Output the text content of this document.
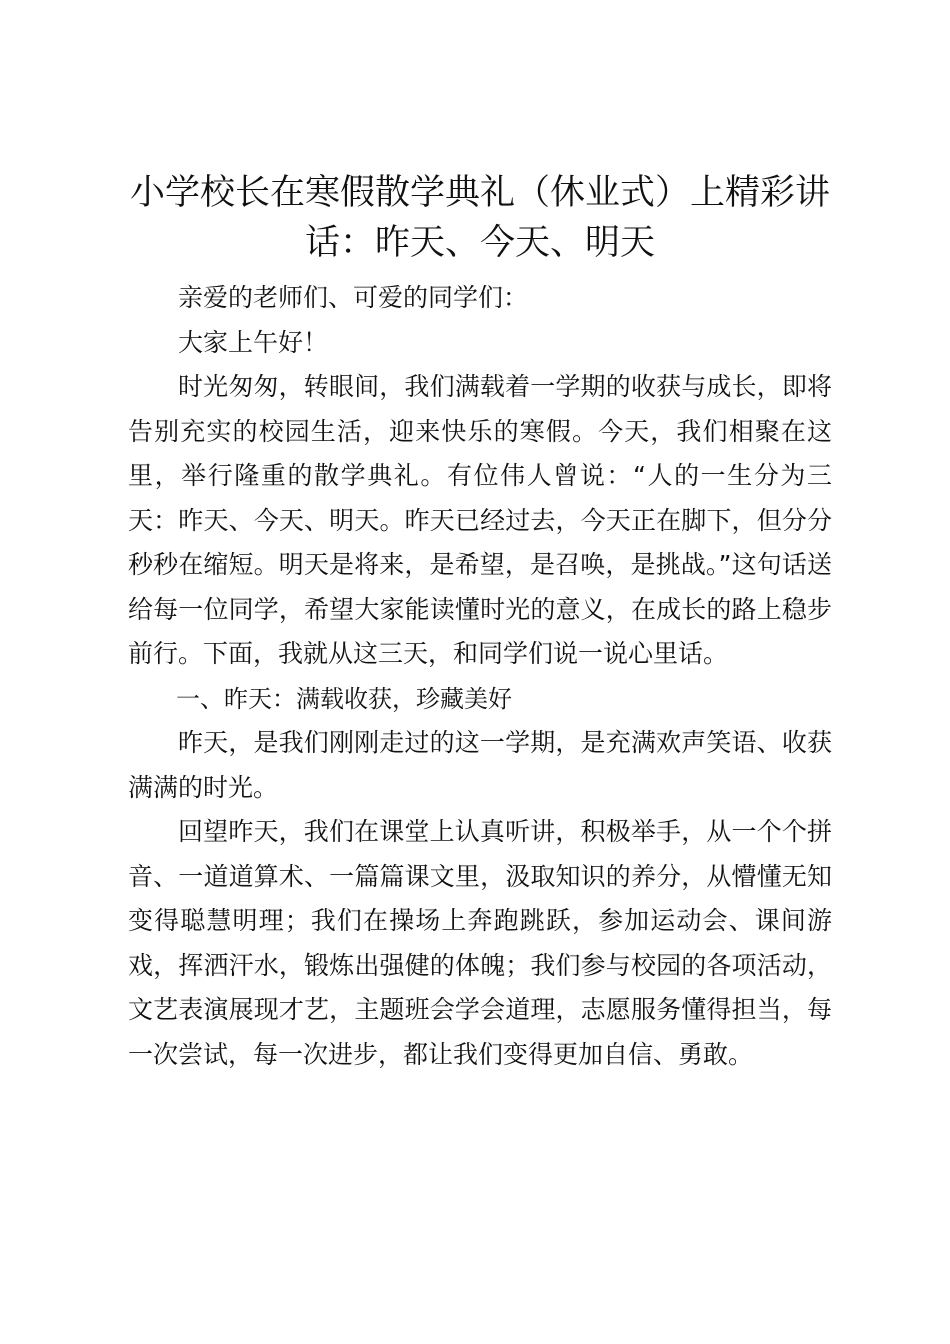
小学校长在寒假散学典礼（休业式）上精彩讲话：昨天、今天、明天

亲爱的老师们、可爱的同学们：

大家上午好！

时光匆匆，转眼间，我们满载着一学期的收获与成长，即将告别充实的校园生活，迎来快乐的寒假。今天，我们相聚在这里，举行隆重的散学典礼。有位伟人曾说：“人的一生分为三天：昨天、今天、明天。昨天已经过去，今天正在脚下，但分分秒秒在缩短。明天是将来，是希望，是召唤，是挑战。”这句话送给每一位同学，希望大家能读懂时光的意义，在成长的路上稳步前行。下面，我就从这三天，和同学们说一说心里话。

一、昨天：满载收获，珍藏美好

昨天，是我们刚刚走过的这一学期，是充满欢声笑语、收获满满的时光。

回望昨天，我们在课堂上认真听讲，积极举手，从一个个拼音、一道道算术、一篇篇课文里，汲取知识的养分，从懵懂无知变得聪慧明理；我们在操场上奔跑跳跃，参加运动会、课间游戏，挥洒汗水，锻炼出强健的体魄；我们参与校园的各项活动，文艺表演展现才艺，主题班会学会道理，志愿服务懂得担当，每一次尝试，每一次进步，都让我们变得更加自信、勇敢。
